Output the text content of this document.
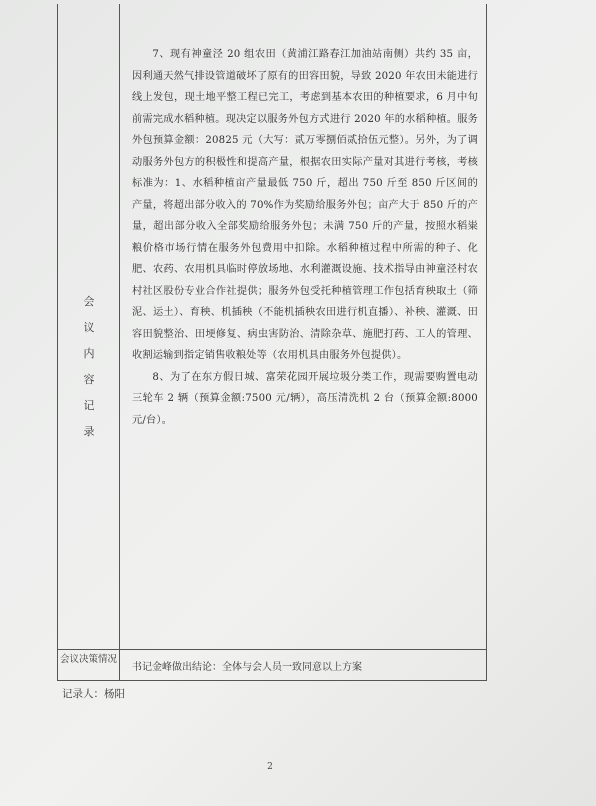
会
议
内
容
记
录

7、现有神童泾 20 组农田（黄浦江路春江加油站南侧）共约 35 亩，因利通天然气排设管道破坏了原有的田容田貌，导致 2020 年农田未能进行线上发包，现土地平整工程已完工，考虑到基本农田的种植要求，6 月中旬前需完成水稻种植。现决定以服务外包方式进行 2020 年的水稻种植。服务外包预算金额：20825 元（大写：贰万零捌佰贰拾伍元整）。另外，为了调动服务外包方的积极性和提高产量，根据农田实际产量对其进行考核，考核标准为：1、水稻种植亩产量最低 750 斤，超出 750 斤至 850 斤区间的产量，将超出部分收入的 70%作为奖励给服务外包；亩产大于 850 斤的产量，超出部分收入全部奖励给服务外包；未满 750 斤的产量，按照水稻粜粮价格市场行情在服务外包费用中扣除。水稻种植过程中所需的种子、化肥、农药、农用机具临时停放场地、水利灌溉设施、技术指导由神童泾村农村社区股份专业合作社提供；服务外包受托种植管理工作包括育秧取土（筛泥、运土）、育秧、机插秧（不能机插秧农田进行机直播）、补秧、灌溉、田容田貌整治、田埂修复、病虫害防治、清除杂草、施肥打药、工人的管理、收割运输到指定销售收粮处等（农用机具由服务外包提供）。

8、为了在东方假日城、富荣花园开展垃圾分类工作，现需要购置电动三轮车 2 辆（预算金额:7500 元/辆），高压清洗机 2 台（预算金额:8000 元/台）。

会议决策情况
书记金峰做出结论：全体与会人员一致同意以上方案
记录人：杨阳
2
